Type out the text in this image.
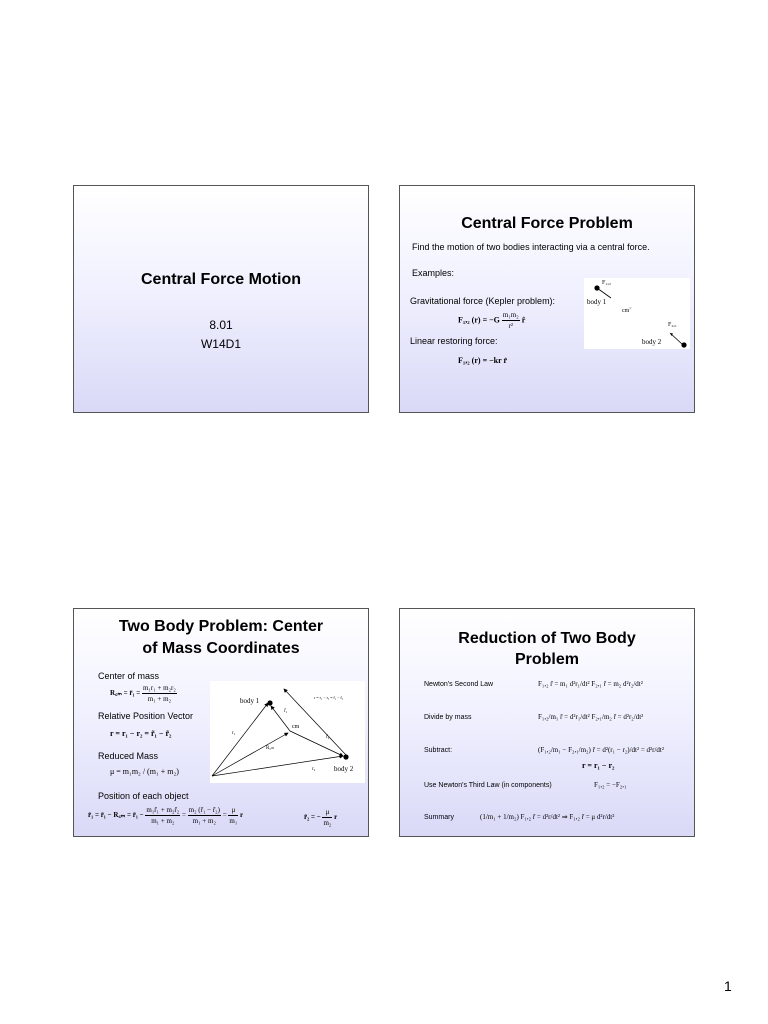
Central Force Motion
8.01
W14D1
Central Force Problem
Find the motion of two bodies interacting via a central force.
Examples:
Gravitational force (Kepler problem):
F₁,₂ $(r) = -G \frac{\text{m₁m₂}}{\text{r²}}$ r̂
Linear restoring force:
F₁,₂ (r) = −kr r̂
×
body 1
cm
F₁,₂
F₂,₁
body 2
Two Body Problem: Center
of Mass Coordinates
Center of mass
R꜀ₘ = r̃₁ = $\frac{\text{m₁r₁ + m₂r₂}}{\text{m₁ + m₂}}$
Relative Position Vector
r = r₁ − r₂ = r̃₁ − r̃₂
Reduced Mass
μ = m₁m₂ / (m₁ + m₂)
Position of each object
r̃₁ = r̃₁ − R꜀ₘ = r̃₁ − $\frac{\text{m₁r̃₁ + m₂r̃₂}}{\text{m₁ + m₂}} = \frac{\text{m₂ (r̃₁ − r̃₂)}}{\text{m₁ + m₂}} = \frac{\mu}{\text{m₁}}$ r	r̃₂ = − $\frac{\mu}{\text{m₂}}$ r
body 1
body 2
cm
r = r₁ − r₂ = r̃₁ − r̃₂
r̃₁
r̃₂
R꜀ₘ
r₁
r₂
Reduction of Two Body
Problem
Newton's Second Law	F₁,₂ r̂ = m₁ d²r₁/dt² F₂,₁ r̂ = m₂ d²r₂/dt²
Divide by mass	F₁,₂/m₁ r̂ = d²r₁/dt² F₂,₁/m₂ r̂ = d²r₂/dt²
Subtract:	(F₁,₂/m₁ − F₂,₁/m₂) r̂ = d²(r₁ − r₂)/dt² = d²r/dt²
r = r₁ − r₂
Use Newton's Third Law (in components)	F₁,₂ = −F₂,₁
Summary	(1/m₁ + 1/m₂) F₁,₂ r̂ = d²r/dt² ⇒ F₁,₂ r̂ = μ d²r/dt²
1
